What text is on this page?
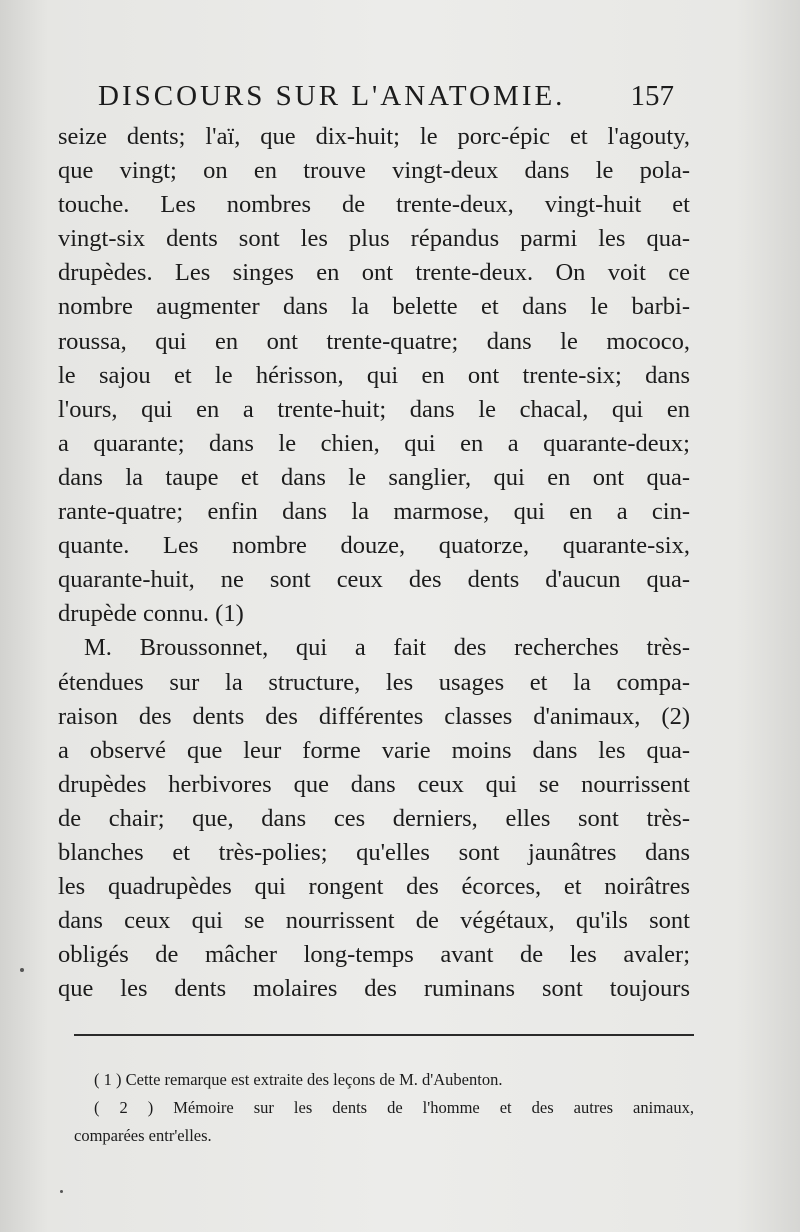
DISCOURS SUR L'ANATOMIE. 157
seize dents; l'aï, que dix-huit; le porc-épic et l'agouty,
que vingt; on en trouve vingt-deux dans le pola-
touche. Les nombres de trente-deux, vingt-huit et
vingt-six dents sont les plus répandus parmi les qua-
drupèdes. Les singes en ont trente-deux. On voit ce
nombre augmenter dans la belette et dans le barbi-
roussa, qui en ont trente-quatre; dans le mococo,
le sajou et le hérisson, qui en ont trente-six; dans
l'ours, qui en a trente-huit; dans le chacal, qui en
a quarante; dans le chien, qui en a quarante-deux;
dans la taupe et dans le sanglier, qui en ont qua-
rante-quatre; enfin dans la marmose, qui en a cin-
quante. Les nombre douze, quatorze, quarante-six,
quarante-huit, ne sont ceux des dents d'aucun qua-
drupède connu. (1)
M. Broussonnet, qui a fait des recherches très-
étendues sur la structure, les usages et la compa-
raison des dents des différentes classes d'animaux, (2)
a observé que leur forme varie moins dans les qua-
drupèdes herbivores que dans ceux qui se nourrissent
de chair; que, dans ces derniers, elles sont très-
blanches et très-polies; qu'elles sont jaunâtres dans
les quadrupèdes qui rongent des écorces, et noirâtres
dans ceux qui se nourrissent de végétaux, qu'ils sont
obligés de mâcher long-temps avant de les avaler;
que les dents molaires des ruminans sont toujours
( 1 ) Cette remarque est extraite des leçons de M. d'Aubenton.
( 2 ) Mémoire sur les dents de l'homme et des autres animaux,
comparées entr'elles.
